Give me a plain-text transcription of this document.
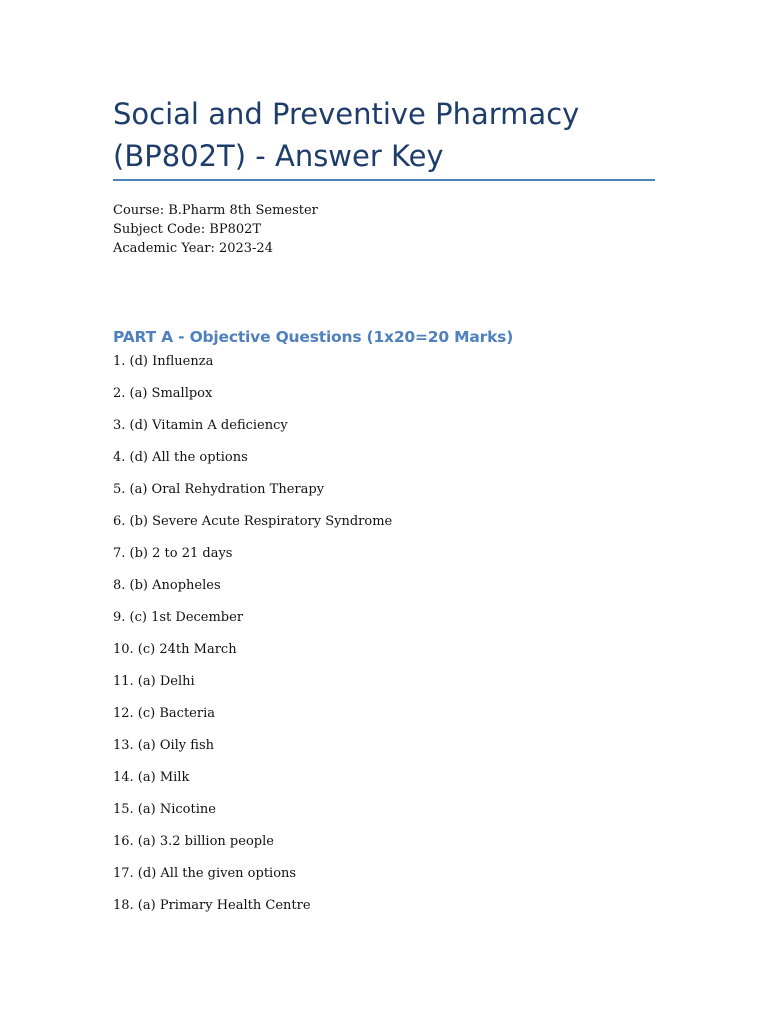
Social and Preventive Pharmacy
(BP802T) - Answer Key
Course: B.Pharm 8th Semester
Subject Code: BP802T
Academic Year: 2023-24
PART A - Objective Questions (1x20=20 Marks)
1. (d) Influenza
2. (a) Smallpox
3. (d) Vitamin A deficiency
4. (d) All the options
5. (a) Oral Rehydration Therapy
6. (b) Severe Acute Respiratory Syndrome
7. (b) 2 to 21 days
8. (b) Anopheles
9. (c) 1st December
10. (c) 24th March
11. (a) Delhi
12. (c) Bacteria
13. (a) Oily fish
14. (a) Milk
15. (a) Nicotine
16. (a) 3.2 billion people
17. (d) All the given options
18. (a) Primary Health Centre
